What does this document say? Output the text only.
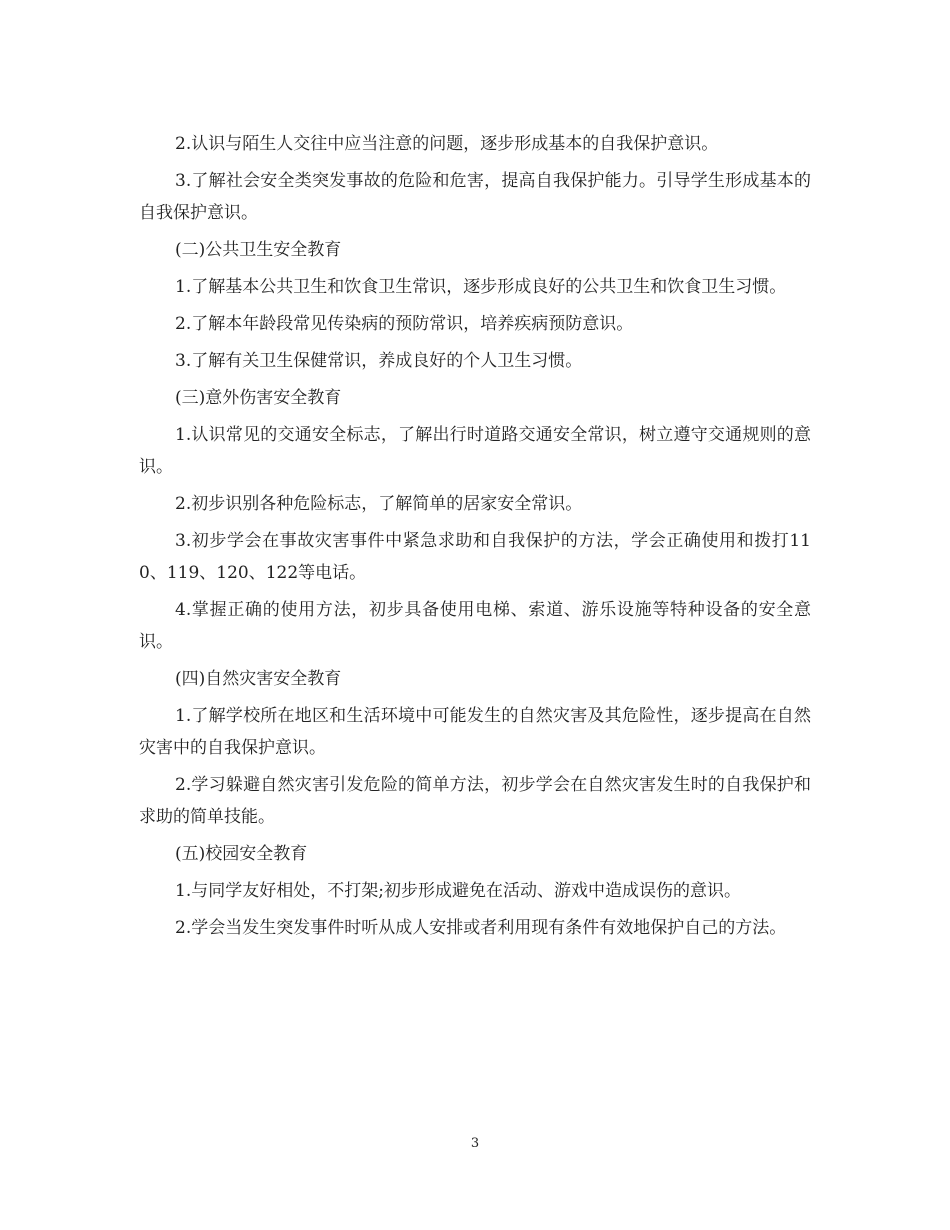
2.认识与陌生人交往中应当注意的问题，逐步形成基本的自我保护意识。

3.了解社会安全类突发事故的危险和危害，提高自我保护能力。引导学生形成基本的自我保护意识。

(二)公共卫生安全教育

1.了解基本公共卫生和饮食卫生常识，逐步形成良好的公共卫生和饮食卫生习惯。

2.了解本年龄段常见传染病的预防常识，培养疾病预防意识。

3.了解有关卫生保健常识，养成良好的个人卫生习惯。

(三)意外伤害安全教育

1.认识常见的交通安全标志，了解出行时道路交通安全常识，树立遵守交通规则的意识。

2.初步识别各种危险标志，了解简单的居家安全常识。

3.初步学会在事故灾害事件中紧急求助和自我保护的方法，学会正确使用和拨打110、119、120、122等电话。

4.掌握正确的使用方法，初步具备使用电梯、索道、游乐设施等特种设备的安全意识。

(四)自然灾害安全教育

1.了解学校所在地区和生活环境中可能发生的自然灾害及其危险性，逐步提高在自然灾害中的自我保护意识。

2.学习躲避自然灾害引发危险的简单方法，初步学会在自然灾害发生时的自我保护和求助的简单技能。

(五)校园安全教育

1.与同学友好相处，不打架;初步形成避免在活动、游戏中造成误伤的意识。

2.学会当发生突发事件时听从成人安排或者利用现有条件有效地保护自己的方法。

3
